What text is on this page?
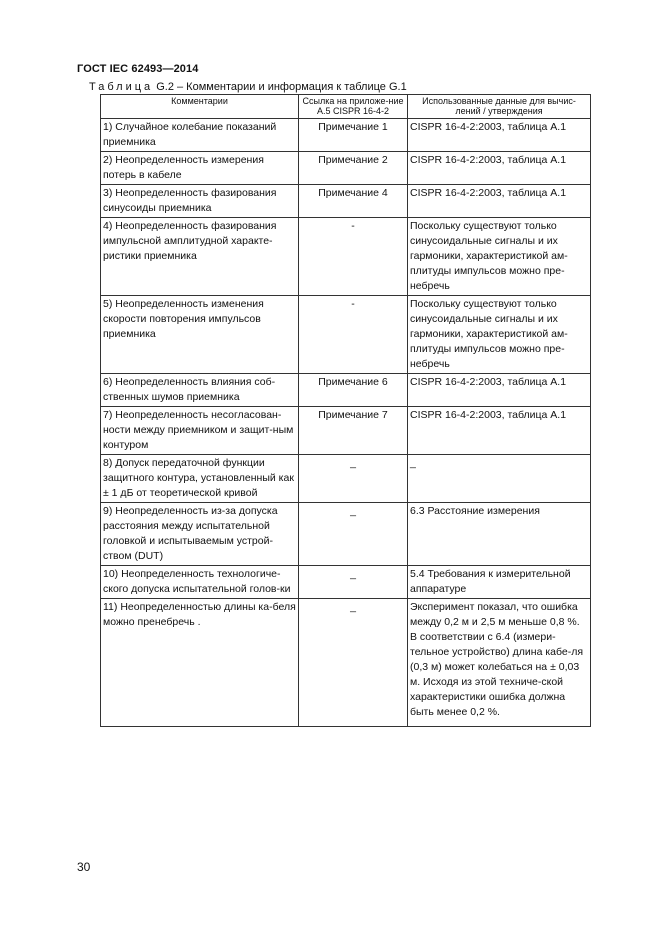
ГОСТ IEC 62493—2014
Таблица G.2 – Комментарии и информация к таблице G.1
Комментарии	Ссылка на приложе-ние А.5 CISPR 16-4-2	Использованные данные для вычис-лений / утверждения
1) Случайное колебание показаний приемника	Примечание 1	CISPR 16-4-2:2003, таблица А.1
2) Неопределенность измерения потерь в кабеле	Примечание 2	CISPR 16-4-2:2003, таблица А.1
3) Неопределенность фазирования синусоиды приемника	Примечание 4	CISPR 16-4-2:2003, таблица А.1
4) Неопределенность фазирования импульсной амплитудной характе-ристики приемника	-	Поскольку существуют только синусоидальные сигналы и их гармоники, характеристикой ам-плитуды импульсов можно пре-небречь
5) Неопределенность изменения скорости повторения импульсов приемника	-	Поскольку существуют только синусоидальные сигналы и их гармоники, характеристикой ам-плитуды импульсов можно пре-небречь
6) Неопределенность влияния соб-ственных шумов приемника	Примечание 6	CISPR 16-4-2:2003, таблица А.1
7) Неопределенность несогласован-ности между приемником и защит-ным контуром	Примечание 7	CISPR 16-4-2:2003, таблица А.1
8) Допуск передаточной функции защитного контура, установленный как ± 1 дБ от теоретической кривой	_	_
9) Неопределенность из-за допуска расстояния между испытательной головкой и испытываемым устрой-ством (DUT)	_	6.3 Расстояние измерения
10) Неопределенность технологиче-ского допуска испытательной голов-ки	_	5.4 Требования к измерительной аппаратуре
11) Неопределенностью длины ка-беля можно пренебречь .	_	Эксперимент показал, что ошибка между 0,2 м и 2,5 м меньше 0,8 %. В соответствии с 6.4 (измери-тельное устройство) длина кабе-ля (0,3 м) может колебаться на ± 0,03 м. Исходя из этой техниче-ской характеристики ошибка должна быть менее 0,2 %.
30
